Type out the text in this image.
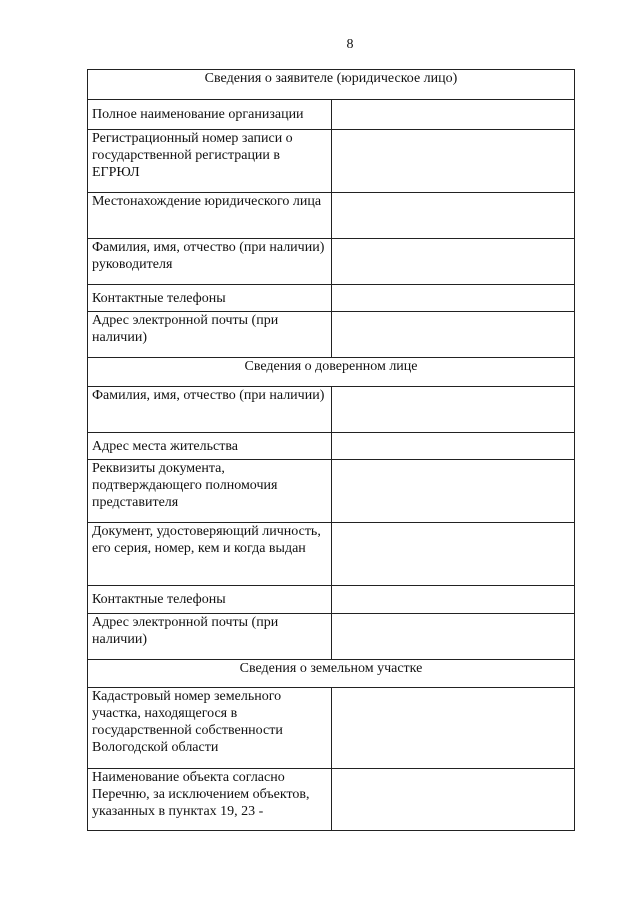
8
Сведения о заявителе (юридическое лицо)	
Полное наименование организации	
Регистрационный номер записи о государственной регистрации в ЕГРЮЛ	
Местонахождение юридического лица	
Фамилия, имя, отчество (при наличии) руководителя	
Контактные телефоны	
Адрес электронной почты (при наличии)	
Сведения о доверенном лице	
Фамилия, имя, отчество (при наличии)	
Адрес места жительства	
Реквизиты документа, подтверждающего полномочия представителя	
Документ, удостоверяющий личность, его серия, номер, кем и когда выдан	
Контактные телефоны	
Адрес электронной почты (при наличии)	
Сведения о земельном участке	
Кадастровый номер земельного участка, находящегося в государственной собственности Вологодской области	
Наименование объекта согласно Перечню, за исключением объектов, указанных в пунктах 19, 23 -	
